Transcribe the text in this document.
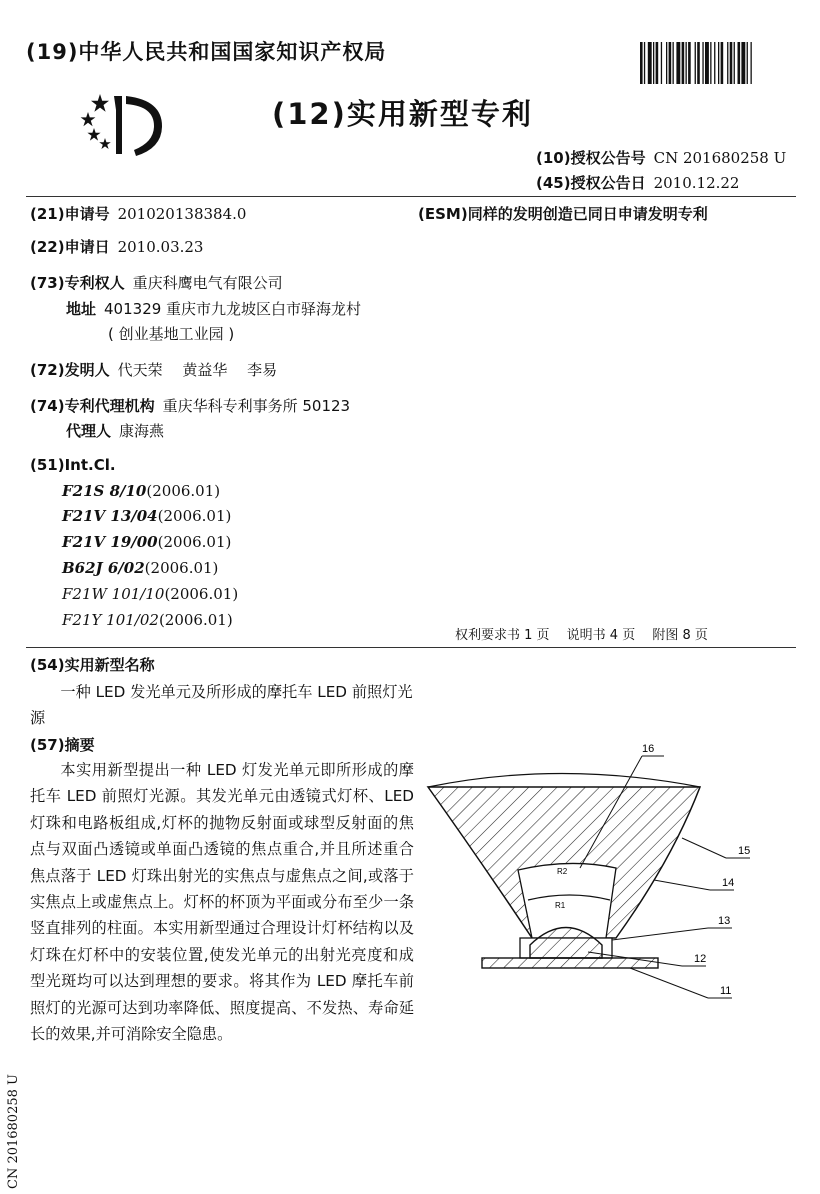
(19)中华人民共和国国家知识产权局
(12)实用新型专利
(10)授权公告号 CN 201680258 U
(45)授权公告日 2010.12.22
(21)申请号 201020138384.0	(ESM)同样的发明创造已同日申请发明专利
(22)申请日 2010.03.23
(73)专利权人 重庆科鹰电气有限公司
地址 401329 重庆市九龙坡区白市驿海龙村
( 创业基地工业园 )
(72)发明人 代天荣　 黄益华　 李易
(74)专利代理机构 重庆华科专利事务所 50123
代理人 康海燕
(51)Int.Cl.
F21S 8/10(2006.01)
F21V 13/04(2006.01)
F21V 19/00(2006.01)
B62J 6/02(2006.01)
F21W 101/10(2006.01)
F21Y 101/02(2006.01)
权利要求书 1 页　 说明书 4 页　 附图 8 页
(54)实用新型名称

一种 LED 发光单元及所形成的摩托车 LED 前照灯光源

(57)摘要

本实用新型提出一种 LED 灯发光单元即所形成的摩托车 LED 前照灯光源。其发光单元由透镜式灯杯、LED 灯珠和电路板组成,灯杯的抛物反射面或球型反射面的焦点与双面凸透镜或单面凸透镜的焦点重合,并且所述重合焦点落于 LED 灯珠出射光的实焦点与虚焦点之间,或落于实焦点上或虚焦点上。灯杯的杯顶为平面或分布至少一条竖直排列的柱面。本实用新型通过合理设计灯杯结构以及灯珠在灯杯中的安装位置,使发光单元的出射光亮度和成型光斑均可以达到理想的要求。将其作为 LED 摩托车前照灯的光源可达到功率降低、照度提高、不发热、寿命延长的效果,并可消除安全隐患。

R2
R1
16
15
14
13
12
11
CN 201680258 U
